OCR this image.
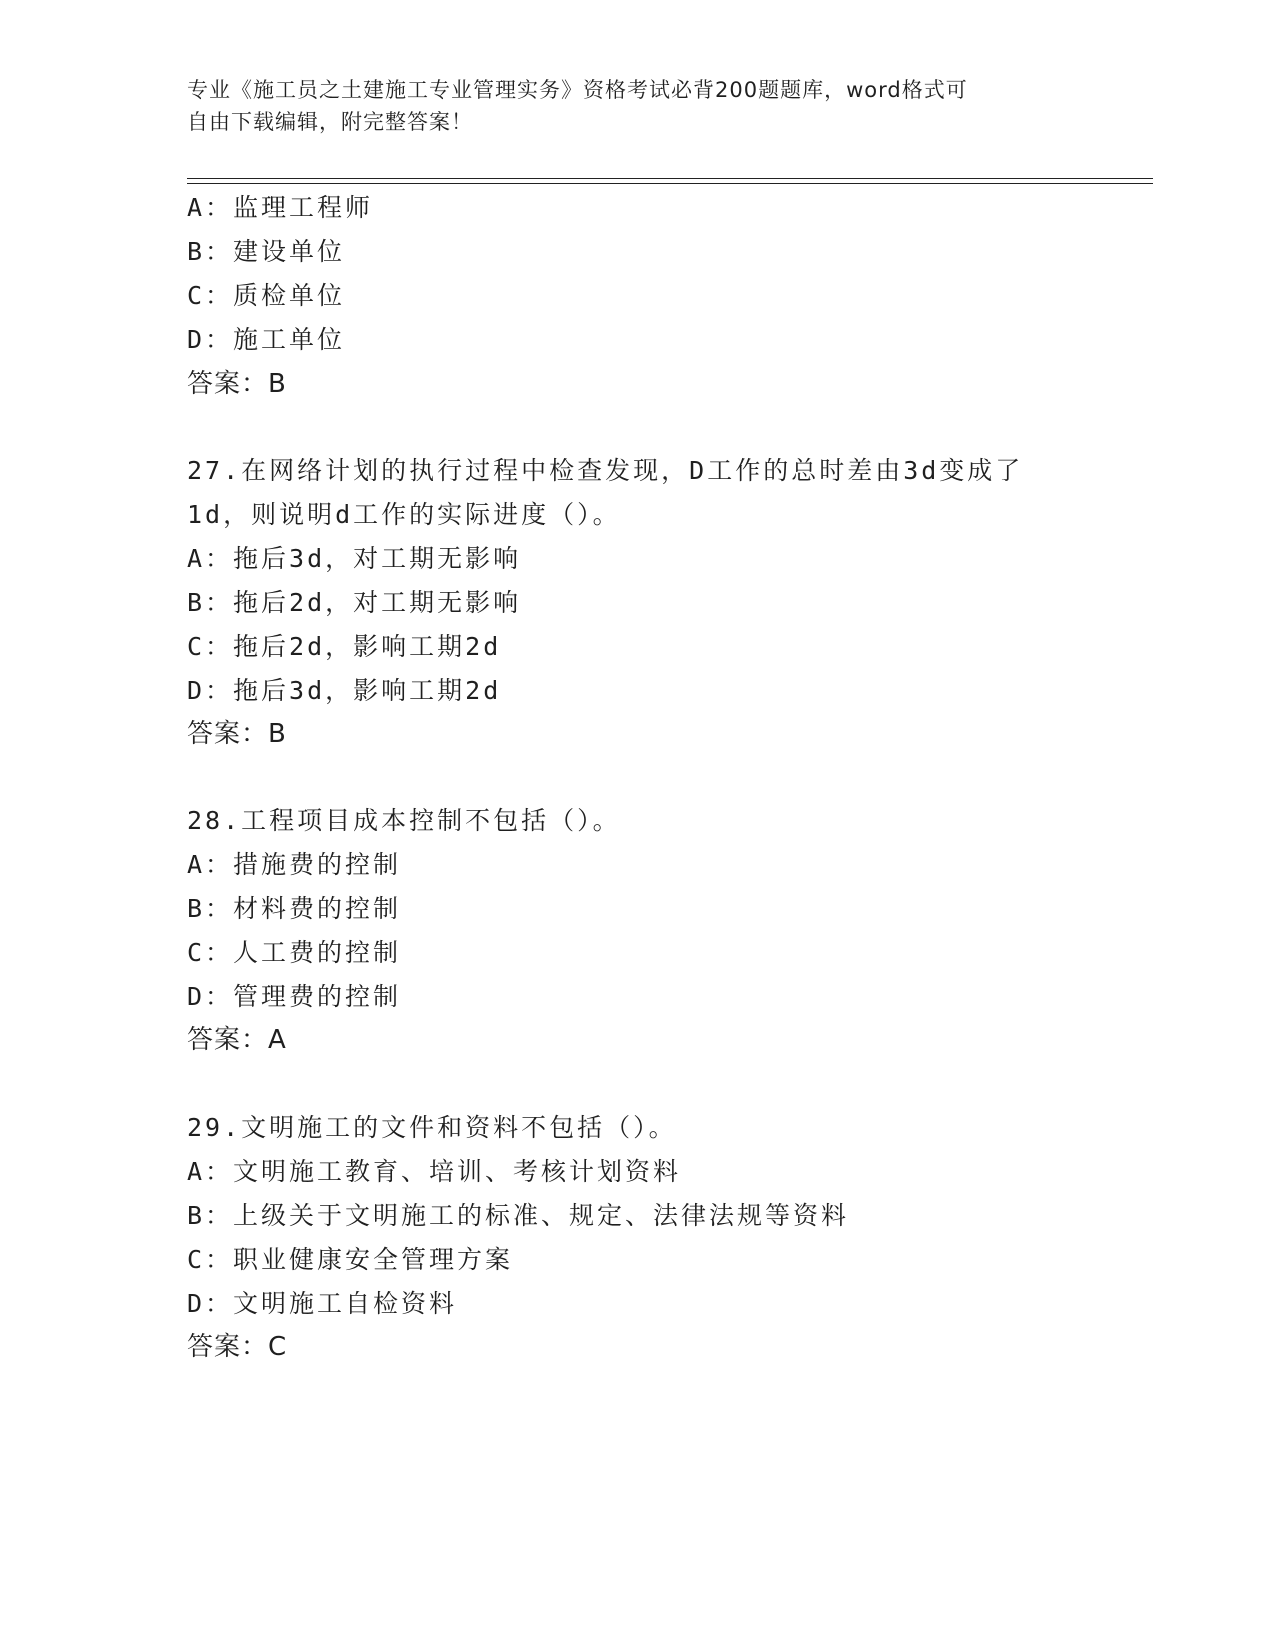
专业《施工员之土建施工专业管理实务》资格考试必背200题题库，word格式可
自由下载编辑，附完整答案！
A：监理工程师
B：建设单位
C：质检单位
D：施工单位
答案：B
27.在网络计划的执行过程中检查发现，D工作的总时差由3d变成了
1d，则说明d工作的实际进度（）。
A：拖后3d，对工期无影响
B：拖后2d，对工期无影响
C：拖后2d，影响工期2d
D：拖后3d，影响工期2d
答案：B
28.工程项目成本控制不包括（）。
A：措施费的控制
B：材料费的控制
C：人工费的控制
D：管理费的控制
答案：A
29.文明施工的文件和资料不包括（）。
A：文明施工教育、培训、考核计划资料
B：上级关于文明施工的标准、规定、法律法规等资料
C：职业健康安全管理方案
D：文明施工自检资料
答案：C
